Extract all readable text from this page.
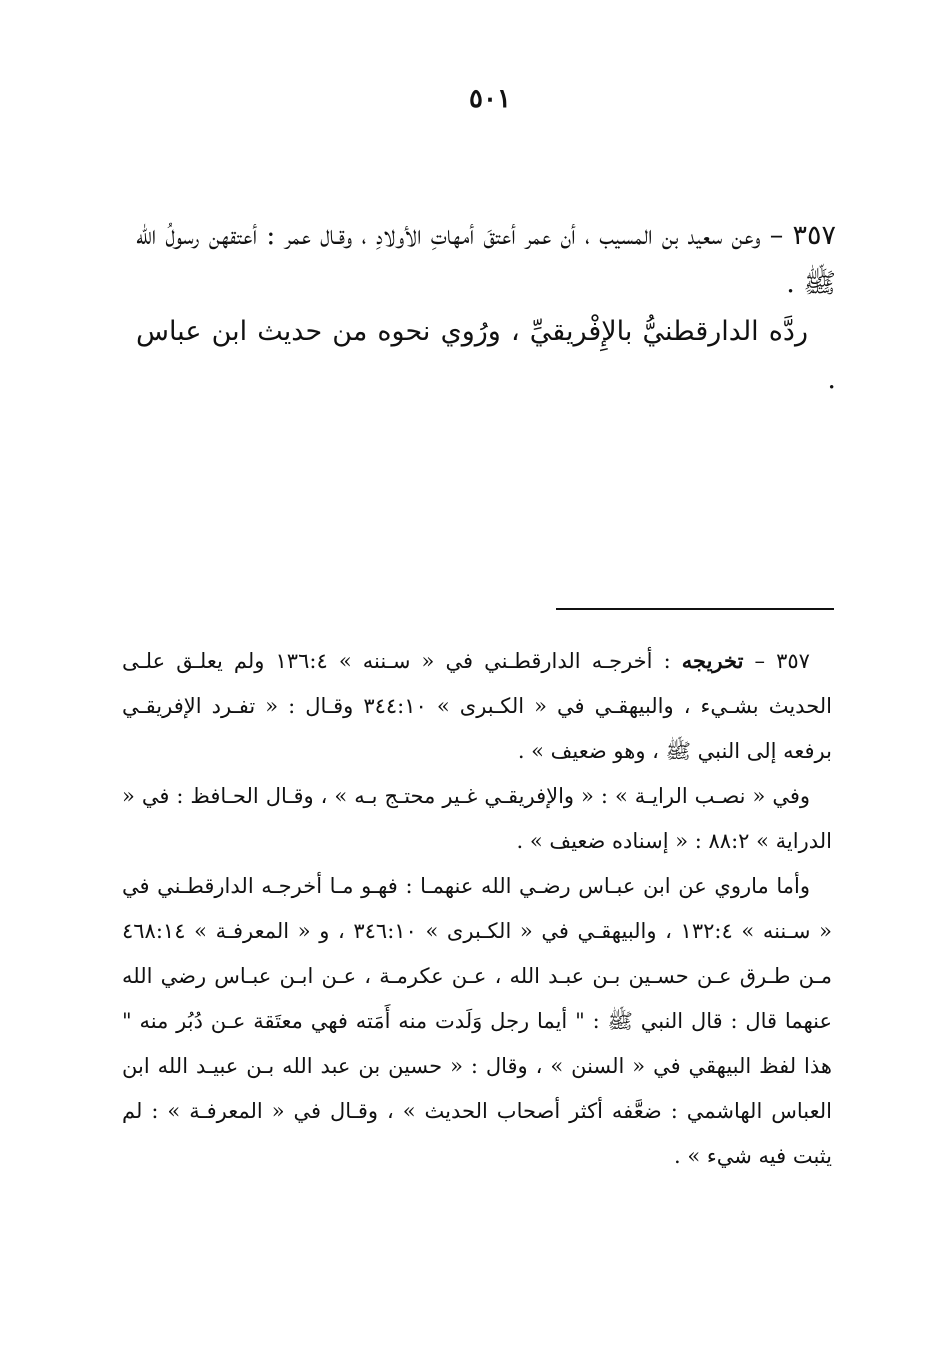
٥٠١

٣٥٧ – وعن سعيد بن المسيب ، أن عمر أعتقَ أمهاتِ الأولادِ ، وقـال عمر : أعتقهن رسولُ الله ﷺ .

ردَّه الدارقطنيُّ بالإِفْريقيِّ ، ورُوي نحوه من حديث ابن عباس .

٣٥٧ – تخريجه : أخرجـه الدارقطـني في « سـننه » ١٣٦:٤ ولم يعلـق علـى الحديث بشـيء ، والبيهقـي في « الكـبرى » ٣٤٤:١٠ وقـال : « تفـرد الإفريقـي برفعه إلى النبي ﷺ ، وهو ضعيف » .

وفي « نصـب الرايـة » : « والإفريقـي غـير محتـج بـه » ، وقـال الحـافظ : في « الدراية » ٨٨:٢ : « إسناده ضعيف » .

وأما ماروي عن ابن عبـاس رضـي الله عنهمـا : فهـو مـا أخرجـه الدارقطـني في « سـننه » ١٣٢:٤ ، والبيهقـي في « الكـبرى » ٣٤٦:١٠ ، و « المعرفـة » ٤٦٨:١٤ مـن طـرق عـن حسـين بـن عبـد الله ، عـن عكرمـة ، عـن ابـن عبـاس رضي الله عنهما قال : قال النبي ﷺ : " أيما رجل وَلَدت منه أَمَته فهي معتَقة عـن دُبُر منه " هذا لفظ البيهقي في « السنن » ، وقال : « حسين بن عبد الله بـن عبيـد الله ابن العباس الهاشمي : ضعَّفه أكثر أصحاب الحديث » ، وقـال في « المعرفـة » : لم يثبت فيه شيء » .
